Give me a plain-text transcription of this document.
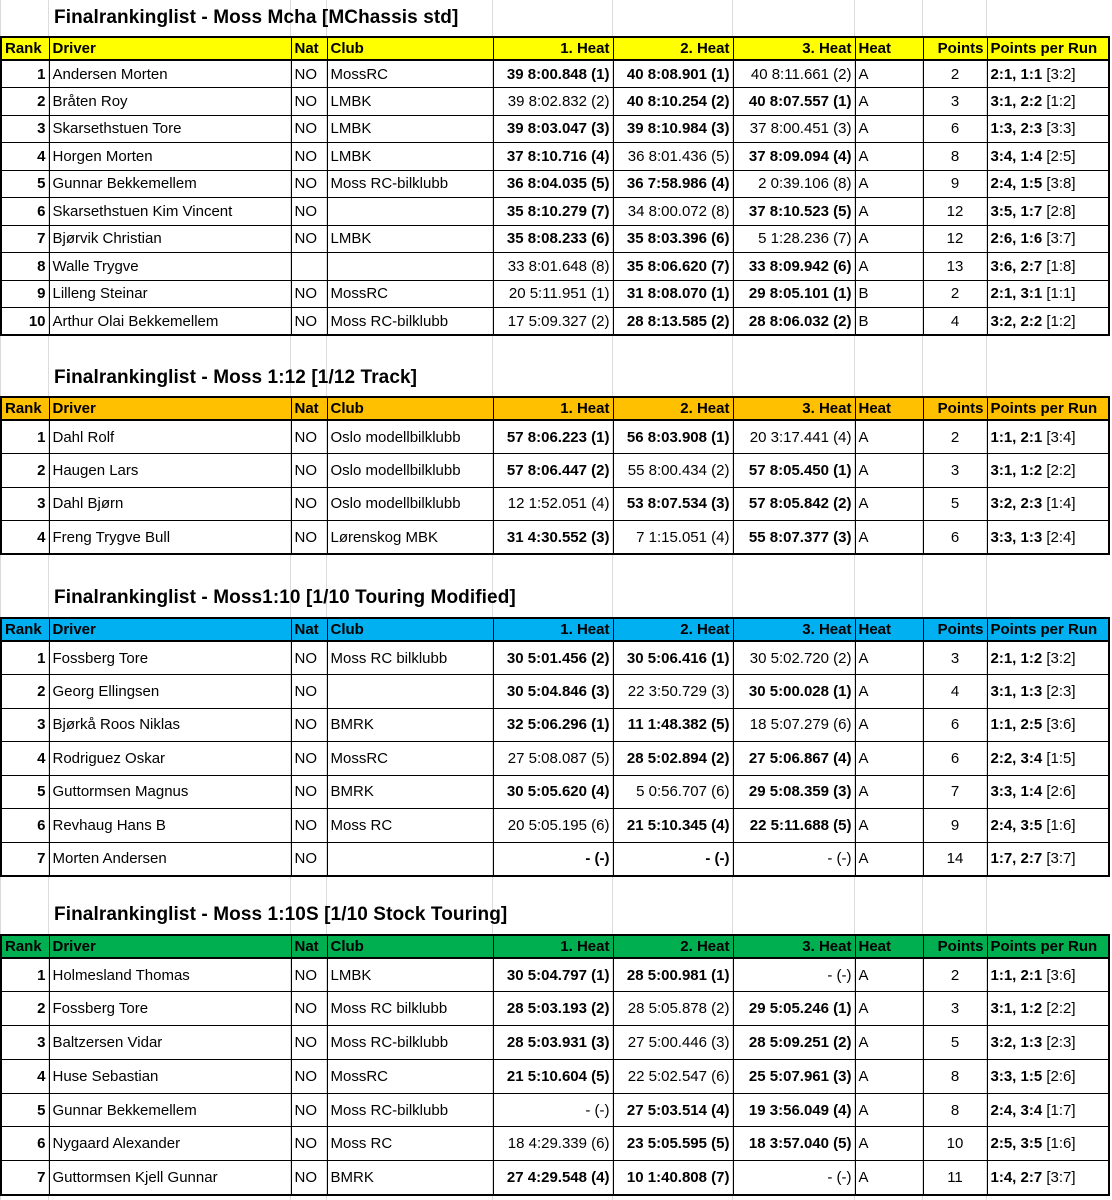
Finalrankinglist - Moss Mcha [MChassis std]
Rank	Driver	Nat	Club	1. Heat	2. Heat	3. Heat	Heat	Points	Points per Run
1	Andersen Morten	NO	MossRC	39 8:00.848 (1)	40 8:08.901 (1)	40 8:11.661 (2)	A	2	2:1, 1:1 [3:2]
2	Bråten Roy	NO	LMBK	39 8:02.832 (2)	40 8:10.254 (2)	40 8:07.557 (1)	A	3	3:1, 2:2 [1:2]
3	Skarsethstuen Tore	NO	LMBK	39 8:03.047 (3)	39 8:10.984 (3)	37 8:00.451 (3)	A	6	1:3, 2:3 [3:3]
4	Horgen Morten	NO	LMBK	37 8:10.716 (4)	36 8:01.436 (5)	37 8:09.094 (4)	A	8	3:4, 1:4 [2:5]
5	Gunnar Bekkemellem	NO	Moss RC-bilklubb	36 8:04.035 (5)	36 7:58.986 (4)	2 0:39.106 (8)	A	9	2:4, 1:5 [3:8]
6	Skarsethstuen Kim Vincent	NO		35 8:10.279 (7)	34 8:00.072 (8)	37 8:10.523 (5)	A	12	3:5, 1:7 [2:8]
7	Bjørvik Christian	NO	LMBK	35 8:08.233 (6)	35 8:03.396 (6)	5 1:28.236 (7)	A	12	2:6, 1:6 [3:7]
8	Walle Trygve			33 8:01.648 (8)	35 8:06.620 (7)	33 8:09.942 (6)	A	13	3:6, 2:7 [1:8]
9	Lilleng Steinar	NO	MossRC	20 5:11.951 (1)	31 8:08.070 (1)	29 8:05.101 (1)	B	2	2:1, 3:1 [1:1]
10	Arthur Olai Bekkemellem	NO	Moss RC-bilklubb	17 5:09.327 (2)	28 8:13.585 (2)	28 8:06.032 (2)	B	4	3:2, 2:2 [1:2]
Finalrankinglist - Moss 1:12 [1/12 Track]
Rank	Driver	Nat	Club	1. Heat	2. Heat	3. Heat	Heat	Points	Points per Run
1	Dahl Rolf	NO	Oslo modellbilklubb	57 8:06.223 (1)	56 8:03.908 (1)	20 3:17.441 (4)	A	2	1:1, 2:1 [3:4]
2	Haugen Lars	NO	Oslo modellbilklubb	57 8:06.447 (2)	55 8:00.434 (2)	57 8:05.450 (1)	A	3	3:1, 1:2 [2:2]
3	Dahl Bjørn	NO	Oslo modellbilklubb	12 1:52.051 (4)	53 8:07.534 (3)	57 8:05.842 (2)	A	5	3:2, 2:3 [1:4]
4	Freng Trygve Bull	NO	Lørenskog MBK	31 4:30.552 (3)	7 1:15.051 (4)	55 8:07.377 (3)	A	6	3:3, 1:3 [2:4]
Finalrankinglist - Moss1:10 [1/10 Touring Modified]
Rank	Driver	Nat	Club	1. Heat	2. Heat	3. Heat	Heat	Points	Points per Run
1	Fossberg Tore	NO	Moss RC bilklubb	30 5:01.456 (2)	30 5:06.416 (1)	30 5:02.720 (2)	A	3	2:1, 1:2 [3:2]
2	Georg Ellingsen	NO		30 5:04.846 (3)	22 3:50.729 (3)	30 5:00.028 (1)	A	4	3:1, 1:3 [2:3]
3	Bjørkå Roos Niklas	NO	BMRK	32 5:06.296 (1)	11 1:48.382 (5)	18 5:07.279 (6)	A	6	1:1, 2:5 [3:6]
4	Rodriguez Oskar	NO	MossRC	27 5:08.087 (5)	28 5:02.894 (2)	27 5:06.867 (4)	A	6	2:2, 3:4 [1:5]
5	Guttormsen Magnus	NO	BMRK	30 5:05.620 (4)	5 0:56.707 (6)	29 5:08.359 (3)	A	7	3:3, 1:4 [2:6]
6	Revhaug Hans B	NO	Moss RC	20 5:05.195 (6)	21 5:10.345 (4)	22 5:11.688 (5)	A	9	2:4, 3:5 [1:6]
7	Morten Andersen	NO		- (-)	- (-)	- (-)	A	14	1:7, 2:7 [3:7]
Finalrankinglist - Moss 1:10S [1/10 Stock Touring]
Rank	Driver	Nat	Club	1. Heat	2. Heat	3. Heat	Heat	Points	Points per Run
1	Holmesland Thomas	NO	LMBK	30 5:04.797 (1)	28 5:00.981 (1)	- (-)	A	2	1:1, 2:1 [3:6]
2	Fossberg Tore	NO	Moss RC bilklubb	28 5:03.193 (2)	28 5:05.878 (2)	29 5:05.246 (1)	A	3	3:1, 1:2 [2:2]
3	Baltzersen Vidar	NO	Moss RC-bilklubb	28 5:03.931 (3)	27 5:00.446 (3)	28 5:09.251 (2)	A	5	3:2, 1:3 [2:3]
4	Huse Sebastian	NO	MossRC	21 5:10.604 (5)	22 5:02.547 (6)	25 5:07.961 (3)	A	8	3:3, 1:5 [2:6]
5	Gunnar Bekkemellem	NO	Moss RC-bilklubb	- (-)	27 5:03.514 (4)	19 3:56.049 (4)	A	8	2:4, 3:4 [1:7]
6	Nygaard Alexander	NO	Moss RC	18 4:29.339 (6)	23 5:05.595 (5)	18 3:57.040 (5)	A	10	2:5, 3:5 [1:6]
7	Guttormsen Kjell Gunnar	NO	BMRK	27 4:29.548 (4)	10 1:40.808 (7)	- (-)	A	11	1:4, 2:7 [3:7]
